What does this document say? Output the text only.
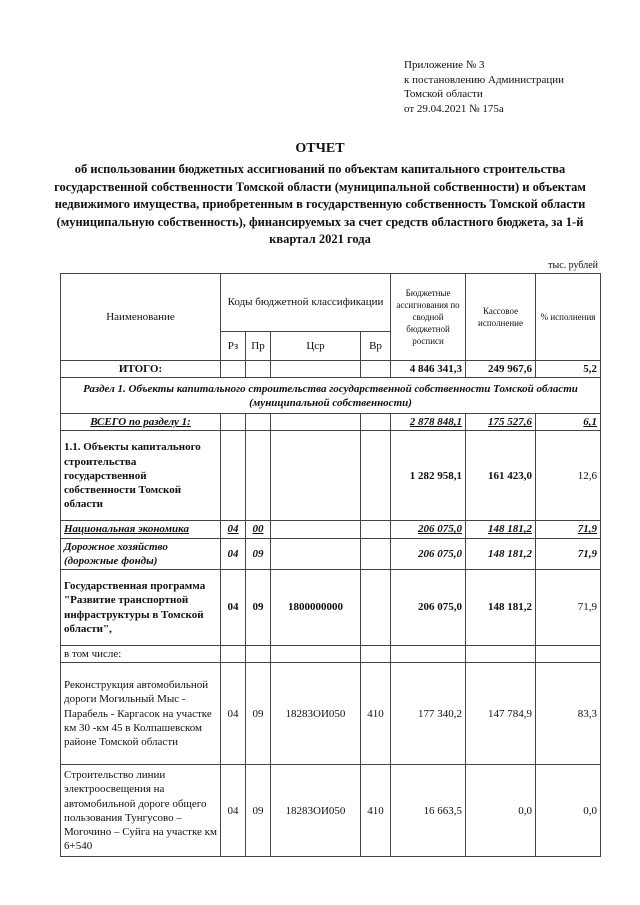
Приложение № 3
к постановлению Администрации
Томской области
от 29.04.2021 № 175а
ОТЧЕТ
об использовании бюджетных ассигнований по объектам капитального строительства государственной собственности Томской области (муниципальной собственности) и объектам недвижимого имущества, приобретенным в государственную собственность Томской области (муниципальную собственность), финансируемых за счет средств областного бюджета, за 1-й квартал 2021 года
тыс. рублей
Наименование	Коды бюджетной классификации				Бюджетные ассигнования по сводной бюджетной росписи	Кассовое исполнение	% исполнения
	Рз	Пр	Цср	Вр			
ИТОГО:					4 846 341,3	249 967,6	5,2
Раздел 1. Объекты капитального строительства государственной собственности Томской области (муниципальной собственности)							
ВСЕГО по разделу 1:					2 878 848,1	175 527,6	6,1
1.1. Объекты капитального строительства государственной собственности Томской области					1 282 958,1	161 423,0	12,6
Национальная экономика	04	00			206 075,0	148 181,2	71,9
Дорожное хозяйство (дорожные фонды)	04	09			206 075,0	148 181,2	71,9
Государственная программа "Развитие транспортной инфраструктуры в Томской области",	04	09	1800000000		206 075,0	148 181,2	71,9
в том числе:							
Реконструкция автомобильной дороги Могильный Мыс - Парабель - Каргасок на участке км 30 -км 45 в Колпашевском районе Томской области	04	09	18283ОИ050	410	177 340,2	147 784,9	83,3
Строительство линии электроосвещения на автомобильной дороге общего пользования Тунгусово – Могочино – Суйга на участке км 6+540	04	09	18283ОИ050	410	16 663,5	0,0	0,0
